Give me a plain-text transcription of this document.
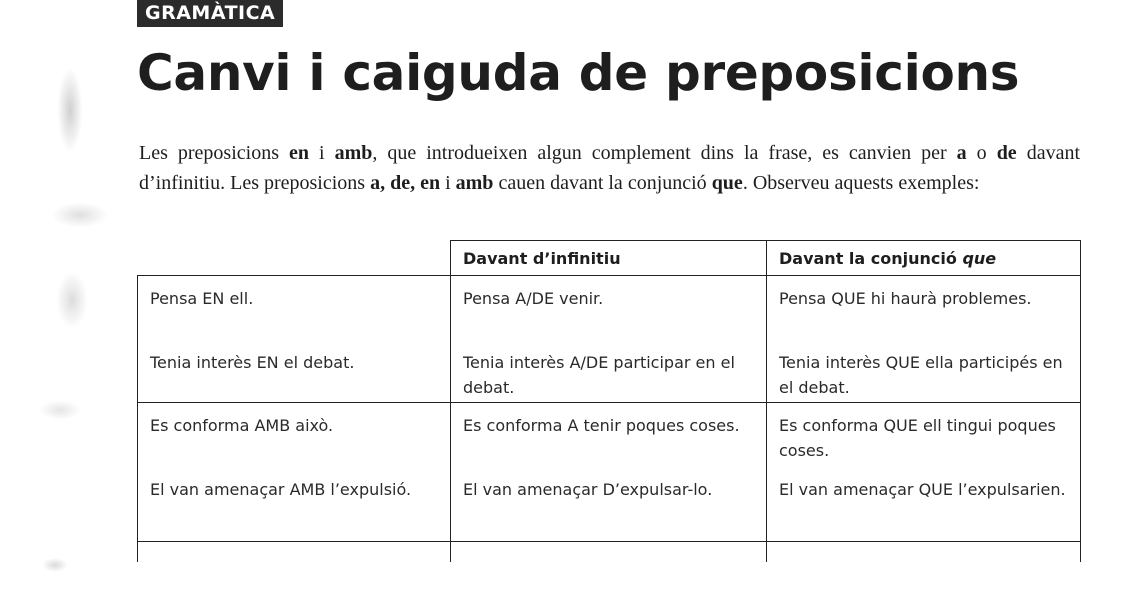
GRAMÀTICA
Canvi i caiguda de preposicions

Les preposicions en i amb, que introdueixen algun complement dins la frase, es canvien per a o de davant d’infinitiu. Les preposicions a, de, en i amb cauen davant la conjunció que. Observeu aquests exemples:

	Davant d’infinitiu	Davant la conjunció que
Pensa EN ell.	Pensa A/DE venir.	Pensa QUE hi haurà problemes.
Tenia interès EN el debat.	Tenia interès A/DE participar en el debat.	Tenia interès QUE ella participés en el debat.
Es conforma AMB això.	Es conforma A tenir poques coses.	Es conforma QUE ell tingui poques coses.
El van amenaçar AMB l’expulsió.	El van amenaçar D’expulsar-lo.	El van amenaçar QUE l’expulsarien.
